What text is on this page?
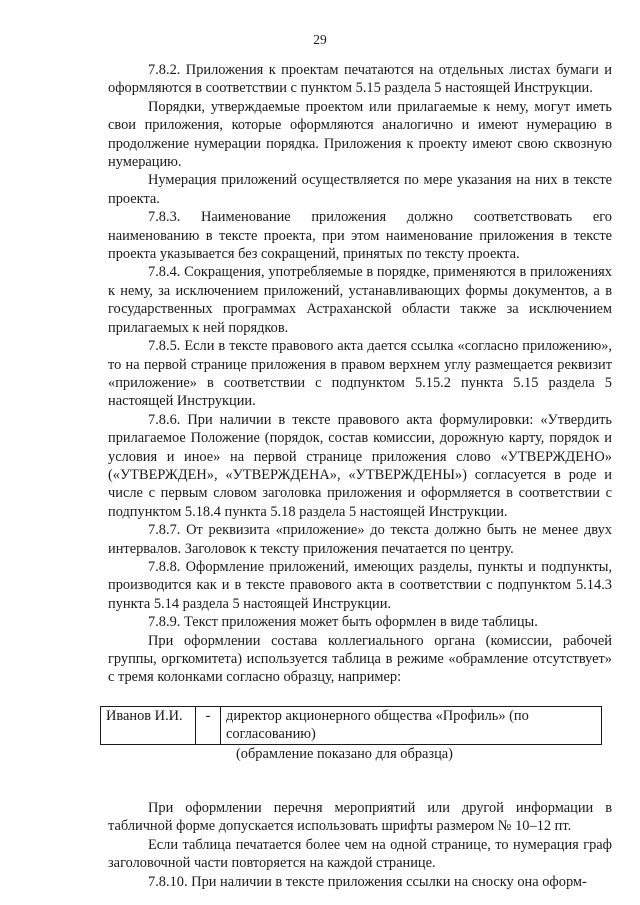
29

7.8.2. Приложения к проектам печатаются на отдельных листах бумаги и оформляются в соответствии с пунктом 5.15 раздела 5 настоящей Инструкции.

Порядки, утверждаемые проектом или прилагаемые к нему, могут иметь свои приложения, которые оформляются аналогично и имеют нумерацию в продолжение нумерации порядка. Приложения к проекту имеют свою сквозную нумерацию.

Нумерация приложений осуществляется по мере указания на них в тексте проекта.

7.8.3. Наименование приложения должно соответствовать его наименованию в тексте проекта, при этом наименование приложения в тексте проекта указывается без сокращений, принятых по тексту проекта.

7.8.4. Сокращения, употребляемые в порядке, применяются в приложениях к нему, за исключением приложений, устанавливающих формы документов, а в государственных программах Астраханской области также за исключением прилагаемых к ней порядков.

7.8.5. Если в тексте правового акта дается ссылка «согласно приложению», то на первой странице приложения в правом верхнем углу размещается реквизит «приложение» в соответствии с подпунктом 5.15.2 пункта 5.15 раздела 5 настоящей Инструкции.

7.8.6. При наличии в тексте правового акта формулировки: «Утвердить прилагаемое Положение (порядок, состав комиссии, дорожную карту, порядок и условия и иное» на первой странице приложения слово «УТВЕРЖДЕНО» («УТВЕРЖДЕН», «УТВЕРЖДЕНА», «УТВЕРЖДЕНЫ») согласуется в роде и числе с первым словом заголовка приложения и оформляется в соответствии с подпунктом 5.18.4 пункта 5.18 раздела 5 настоящей Инструкции.

7.8.7. От реквизита «приложение» до текста должно быть не менее двух интервалов. Заголовок к тексту приложения печатается по центру.

7.8.8. Оформление приложений, имеющих разделы, пункты и подпункты, производится как и в тексте правового акта в соответствии с подпунктом 5.14.3 пункта 5.14 раздела 5 настоящей Инструкции.

7.8.9. Текст приложения может быть оформлен в виде таблицы.

При оформлении состава коллегиального органа (комиссии, рабочей группы, оргкомитета) используется таблица в режиме «обрамление отсутствует» с тремя колонками согласно образцу, например:

Иванов И.И.	-	директор акционерного общества «Профиль» (по согласованию)

(обрамление показано для образца)

При оформлении перечня мероприятий или другой информации в табличной форме допускается использовать шрифты размером № 10–12 пт.

Если таблица печатается более чем на одной странице, то нумерация граф заголовочной части повторяется на каждой странице.

7.8.10. При наличии в тексте приложения ссылки на сноску она оформ-
